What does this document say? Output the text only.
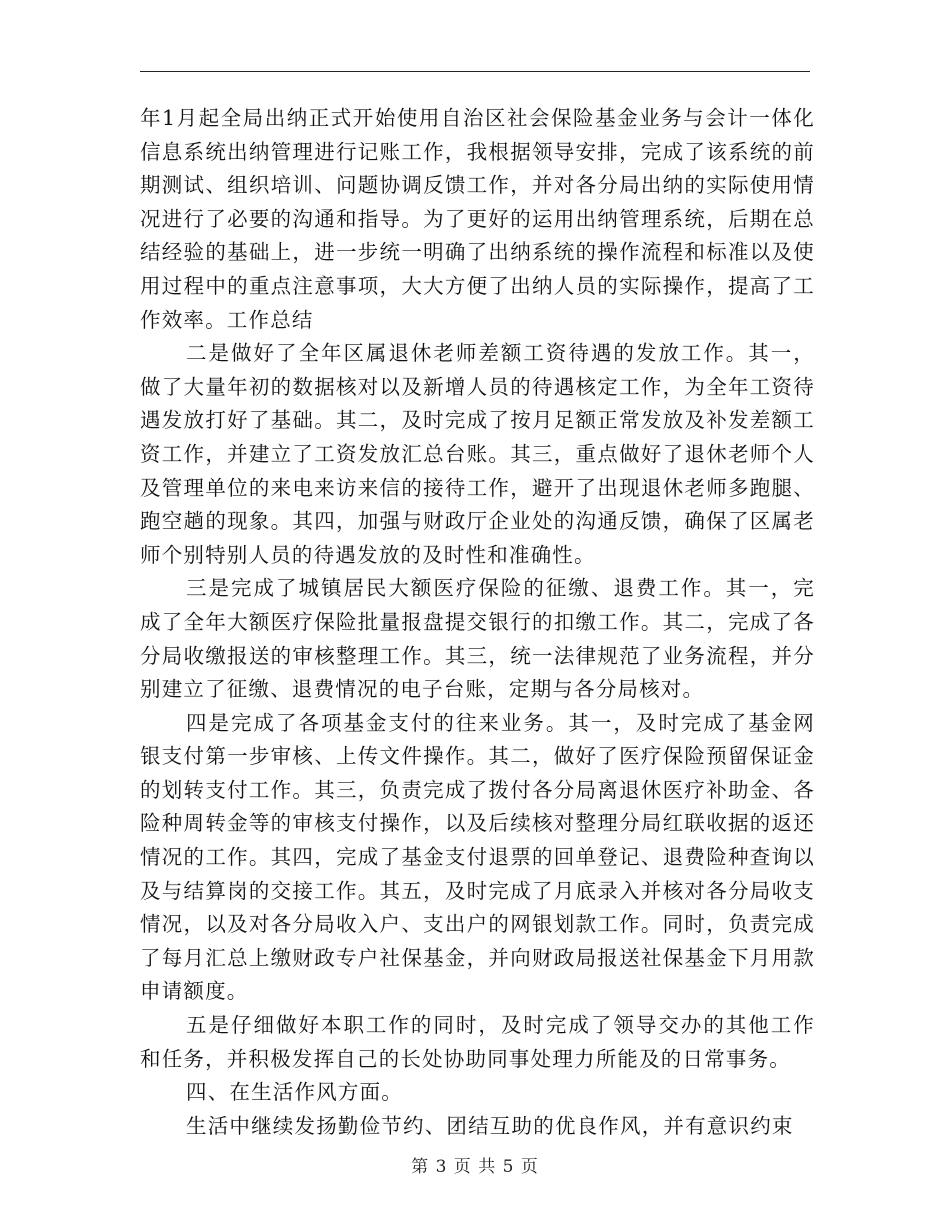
年1月起全局出纳正式开始使用自治区社会保险基金业务与会计一体化信息系统出纳管理进行记账工作，我根据领导安排，完成了该系统的前期测试、组织培训、问题协调反馈工作，并对各分局出纳的实际使用情况进行了必要的沟通和指导。为了更好的运用出纳管理系统，后期在总结经验的基础上，进一步统一明确了出纳系统的操作流程和标准以及使用过程中的重点注意事项，大大方便了出纳人员的实际操作，提高了工作效率。工作总结

二是做好了全年区属退休老师差额工资待遇的发放工作。其一，做了大量年初的数据核对以及新增人员的待遇核定工作，为全年工资待遇发放打好了基础。其二，及时完成了按月足额正常发放及补发差额工资工作，并建立了工资发放汇总台账。其三，重点做好了退休老师个人及管理单位的来电来访来信的接待工作，避开了出现退休老师多跑腿、跑空趟的现象。其四，加强与财政厅企业处的沟通反馈，确保了区属老师个别特别人员的待遇发放的及时性和准确性。

三是完成了城镇居民大额医疗保险的征缴、退费工作。其一，完成了全年大额医疗保险批量报盘提交银行的扣缴工作。其二，完成了各分局收缴报送的审核整理工作。其三，统一法律规范了业务流程，并分别建立了征缴、退费情况的电子台账，定期与各分局核对。

四是完成了各项基金支付的往来业务。其一，及时完成了基金网银支付第一步审核、上传文件操作。其二，做好了医疗保险预留保证金的划转支付工作。其三，负责完成了拨付各分局离退休医疗补助金、各险种周转金等的审核支付操作，以及后续核对整理分局红联收据的返还情况的工作。其四，完成了基金支付退票的回单登记、退费险种查询以及与结算岗的交接工作。其五，及时完成了月底录入并核对各分局收支情况，以及对各分局收入户、支出户的网银划款工作。同时，负责完成了每月汇总上缴财政专户社保基金，并向财政局报送社保基金下月用款申请额度。

五是仔细做好本职工作的同时，及时完成了领导交办的其他工作和任务，并积极发挥自己的长处协助同事处理力所能及的日常事务。

四、在生活作风方面。

生活中继续发扬勤俭节约、团结互助的优良作风，并有意识约束

第 3 页 共 5 页
